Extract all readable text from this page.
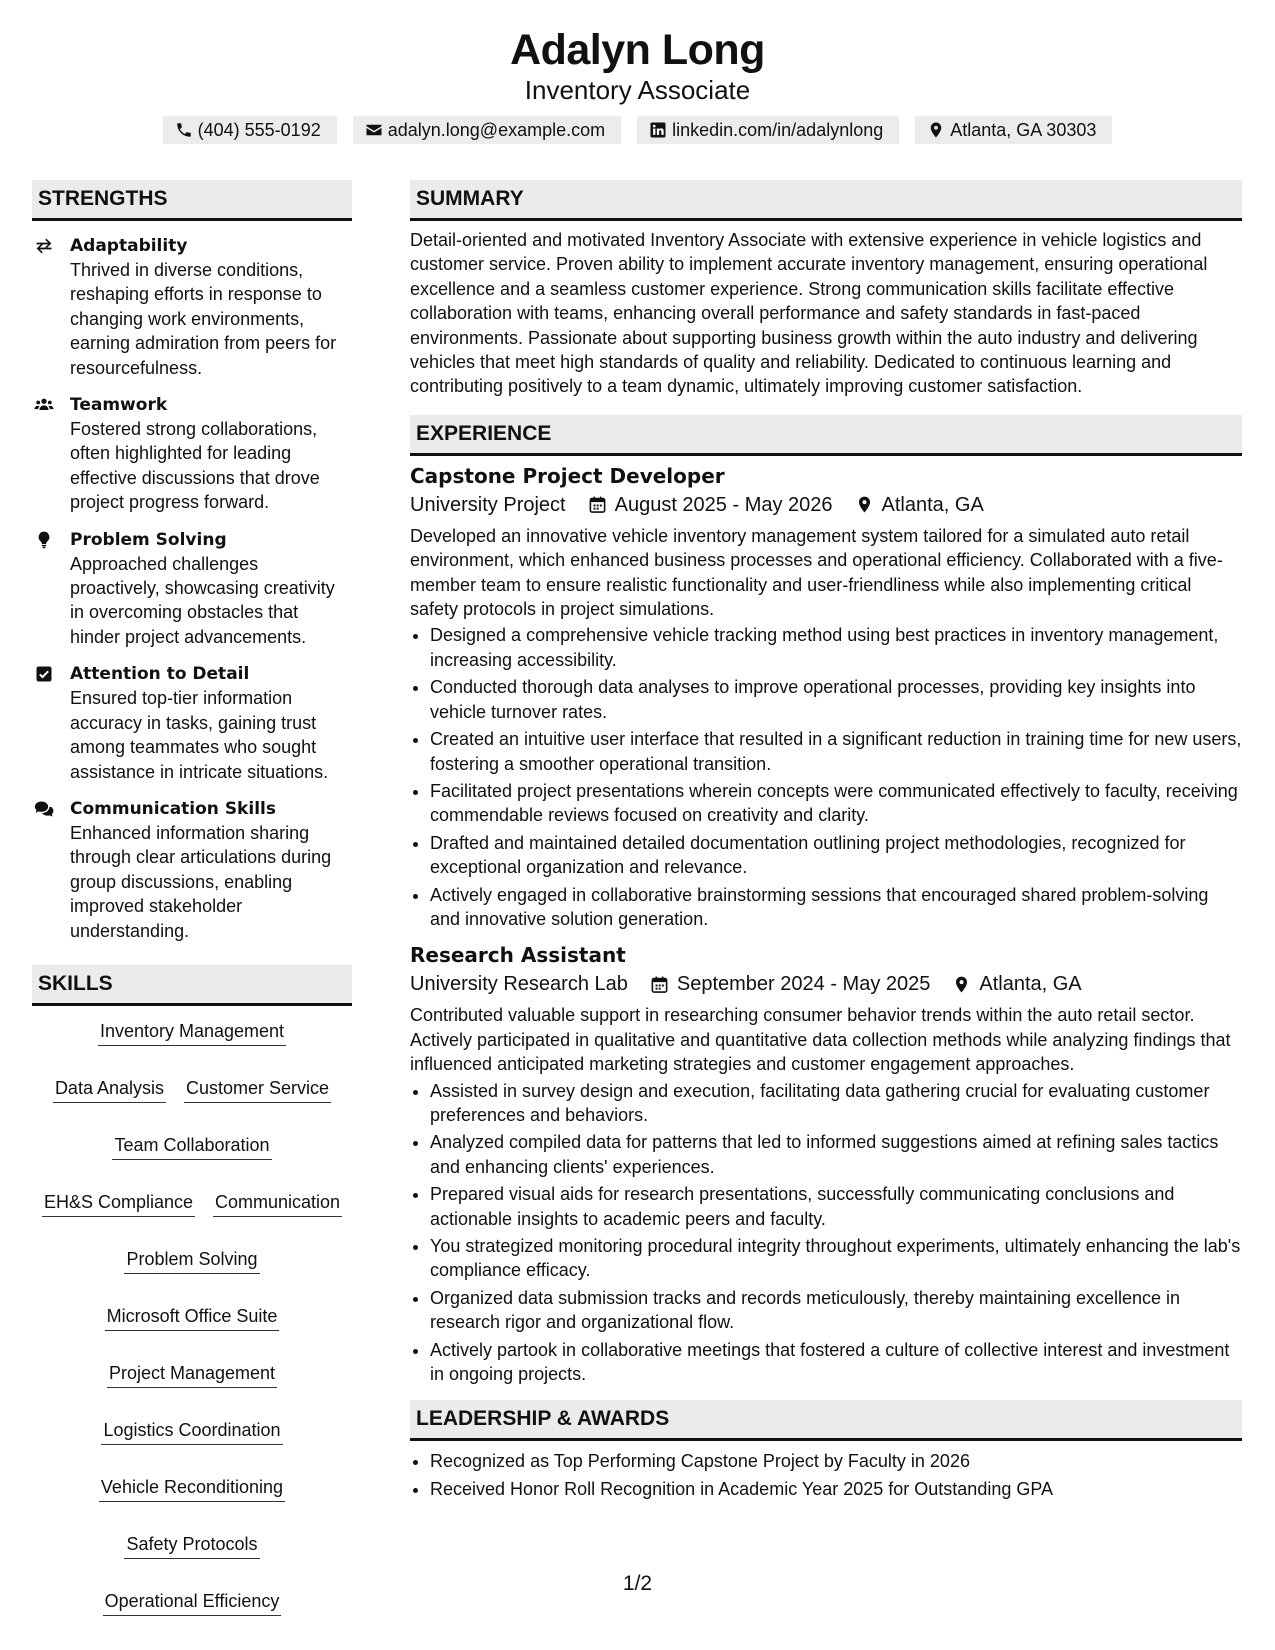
Adalyn Long
Inventory Associate
(404) 555-0192	adalyn.long@example.com	linkedin.com/in/adalynlong	Atlanta, GA 30303
STRENGTHS
Adaptability
Thrived in diverse conditions, reshaping efforts in response to changing work environments, earning admiration from peers for resourcefulness.
Teamwork
Fostered strong collaborations, often highlighted for leading effective discussions that drove project progress forward.
Problem Solving
Approached challenges proactively, showcasing creativity in overcoming obstacles that hinder project advancements.
Attention to Detail
Ensured top-tier information accuracy in tasks, gaining trust among teammates who sought assistance in intricate situations.
Communication Skills
Enhanced information sharing through clear articulations during group discussions, enabling improved stakeholder understanding.
SKILLS
Inventory Management
Data Analysis Customer Service
Team Collaboration
EH&S Compliance Communication
Problem Solving
Microsoft Office Suite
Project Management
Logistics Coordination
Vehicle Reconditioning
Safety Protocols
Operational Efficiency
SUMMARY
Detail-oriented and motivated Inventory Associate with extensive experience in vehicle logistics and customer service. Proven ability to implement accurate inventory management, ensuring operational excellence and a seamless customer experience. Strong communication skills facilitate effective collaboration with teams, enhancing overall performance and safety standards in fast-paced environments. Passionate about supporting business growth within the auto industry and delivering vehicles that meet high standards of quality and reliability. Dedicated to continuous learning and contributing positively to a team dynamic, ultimately improving customer satisfaction.
EXPERIENCE
Capstone Project Developer
University Project August 2025 - May 2026 Atlanta, GA
Developed an innovative vehicle inventory management system tailored for a simulated auto retail environment, which enhanced business processes and operational efficiency. Collaborated with a five-member team to ensure realistic functionality and user-friendliness while also implementing critical safety protocols in project simulations.
• Designed a comprehensive vehicle tracking method using best practices in inventory management, increasing accessibility.
• Conducted thorough data analyses to improve operational processes, providing key insights into vehicle turnover rates.
• Created an intuitive user interface that resulted in a significant reduction in training time for new users, fostering a smoother operational transition.
• Facilitated project presentations wherein concepts were communicated effectively to faculty, receiving commendable reviews focused on creativity and clarity.
• Drafted and maintained detailed documentation outlining project methodologies, recognized for exceptional organization and relevance.
• Actively engaged in collaborative brainstorming sessions that encouraged shared problem-solving and innovative solution generation.
Research Assistant
University Research Lab September 2024 - May 2025 Atlanta, GA
Contributed valuable support in researching consumer behavior trends within the auto retail sector. Actively participated in qualitative and quantitative data collection methods while analyzing findings that influenced anticipated marketing strategies and customer engagement approaches.
• Assisted in survey design and execution, facilitating data gathering crucial for evaluating customer preferences and behaviors.
• Analyzed compiled data for patterns that led to informed suggestions aimed at refining sales tactics and enhancing clients' experiences.
• Prepared visual aids for research presentations, successfully communicating conclusions and actionable insights to academic peers and faculty.
• You strategized monitoring procedural integrity throughout experiments, ultimately enhancing the lab's compliance efficacy.
• Organized data submission tracks and records meticulously, thereby maintaining excellence in research rigor and organizational flow.
• Actively partook in collaborative meetings that fostered a culture of collective interest and investment in ongoing projects.
LEADERSHIP & AWARDS
• Recognized as Top Performing Capstone Project by Faculty in 2026
• Received Honor Roll Recognition in Academic Year 2025 for Outstanding GPA
1/2
